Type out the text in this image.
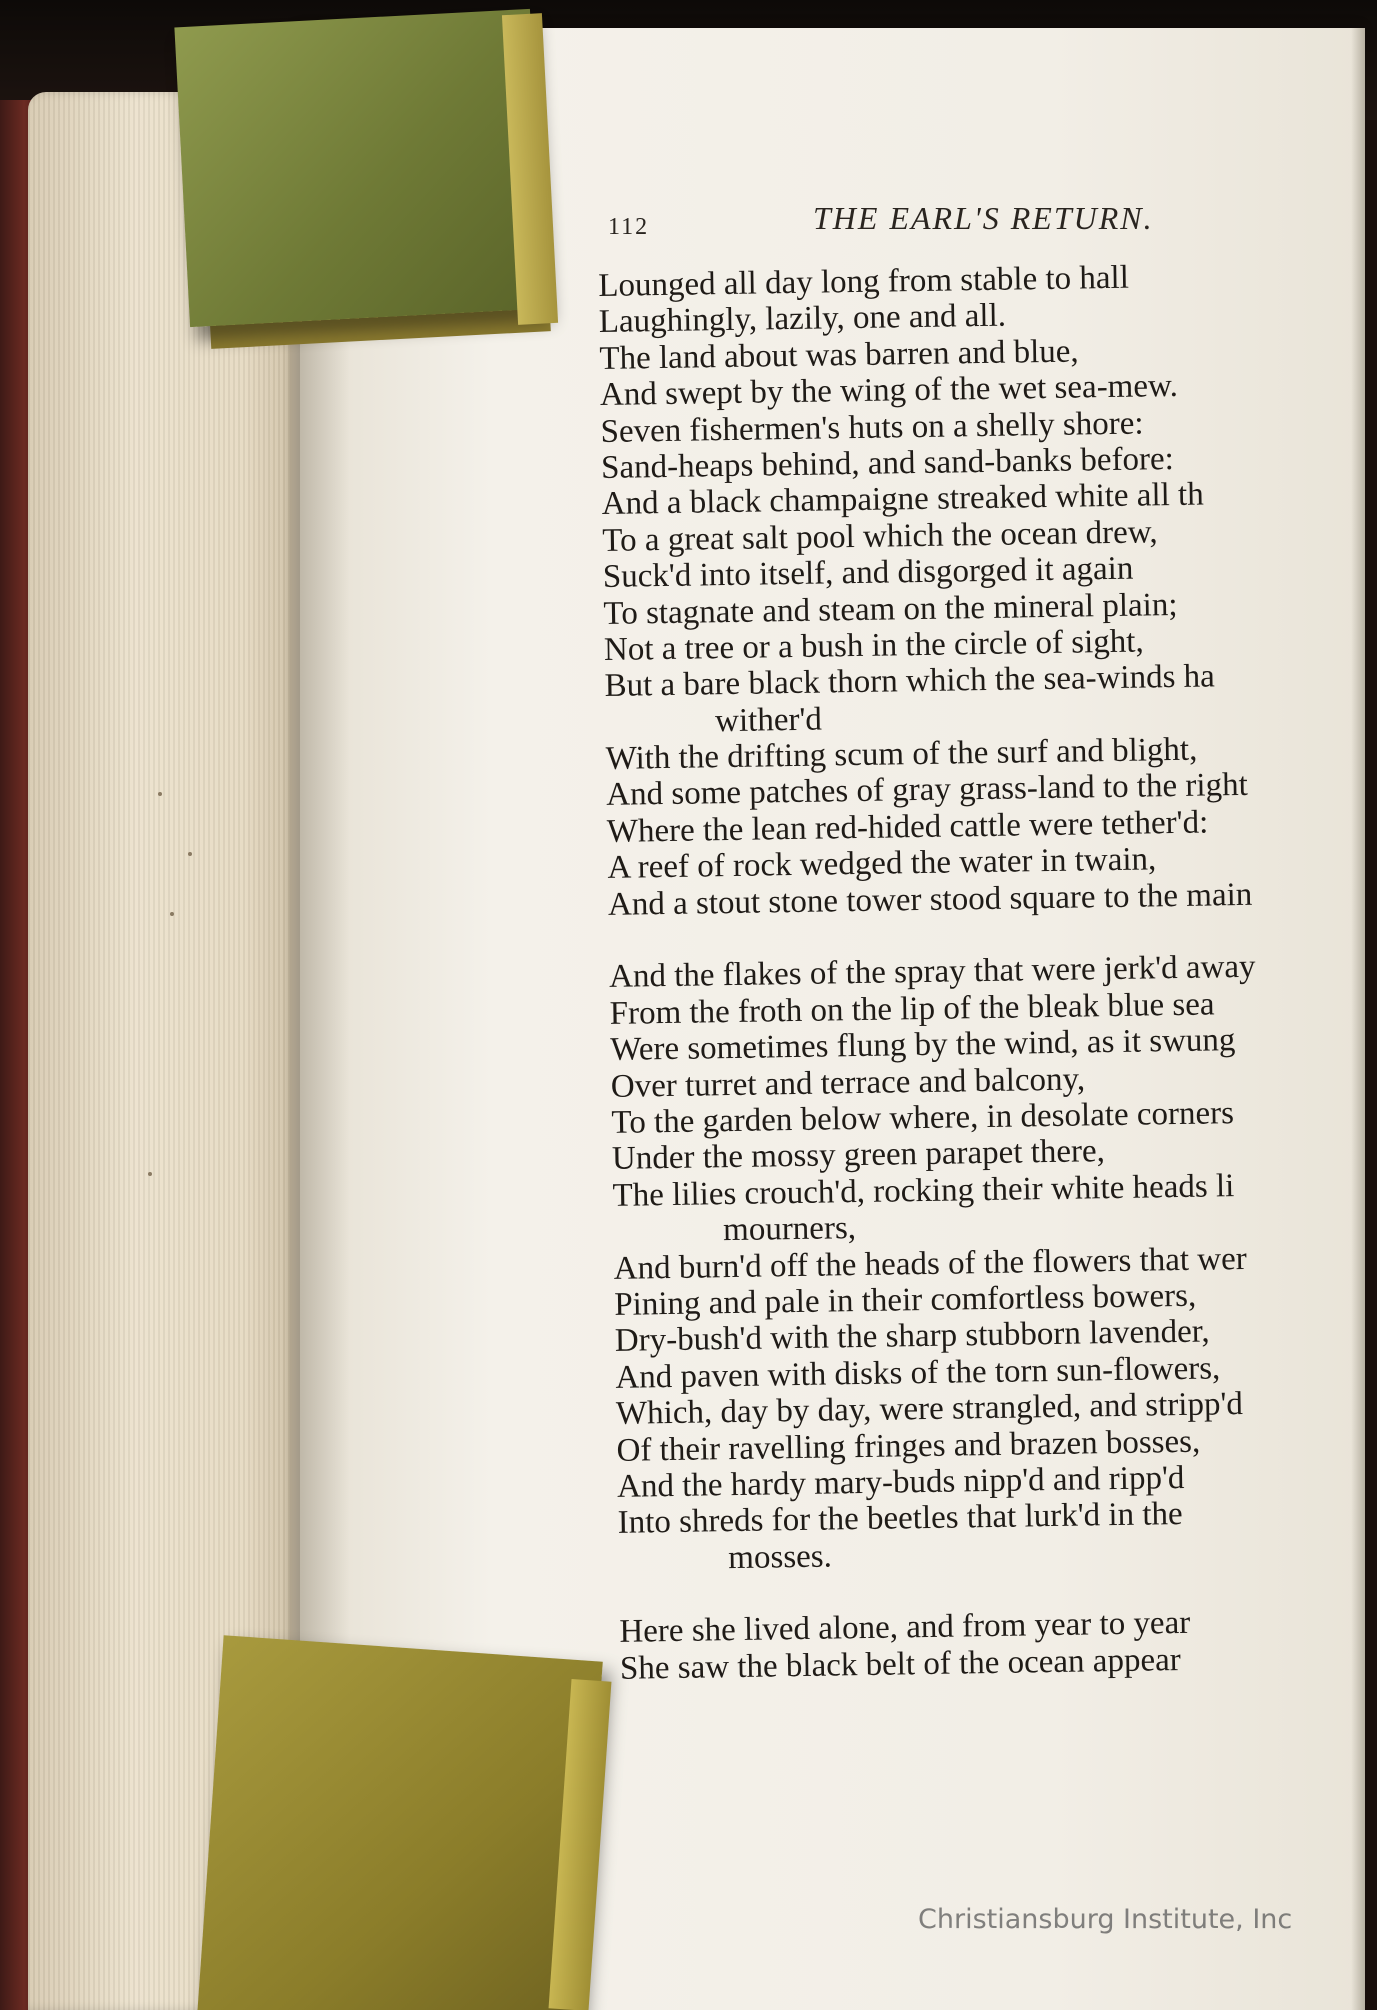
112	THE EARL'S RETURN.
Lounged all day long from stable to hall
Laughingly, lazily, one and all.
The land about was barren and blue,
And swept by the wing of the wet sea-mew.
Seven fishermen's huts on a shelly shore:
Sand-heaps behind, and sand-banks before:
And a black champaigne streaked white all th
To a great salt pool which the ocean drew,
Suck'd into itself, and disgorged it again
To stagnate and steam on the mineral plain;
Not a tree or a bush in the circle of sight,
But a bare black thorn which the sea-winds ha
wither'd
With the drifting scum of the surf and blight,
And some patches of gray grass-land to the right
Where the lean red-hided cattle were tether'd:
A reef of rock wedged the water in twain,
And a stout stone tower stood square to the main
And the flakes of the spray that were jerk'd away
From the froth on the lip of the bleak blue sea
Were sometimes flung by the wind, as it swung
Over turret and terrace and balcony,
To the garden below where, in desolate corners
Under the mossy green parapet there,
The lilies crouch'd, rocking their white heads li
mourners,
And burn'd off the heads of the flowers that wer
Pining and pale in their comfortless bowers,
Dry-bush'd with the sharp stubborn lavender,
And paven with disks of the torn sun-flowers,
Which, day by day, were strangled, and stripp'd
Of their ravelling fringes and brazen bosses,
And the hardy mary-buds nipp'd and ripp'd
Into shreds for the beetles that lurk'd in the
mosses.
Here she lived alone, and from year to year
She saw the black belt of the ocean appear
Christiansburg Institute, Inc
